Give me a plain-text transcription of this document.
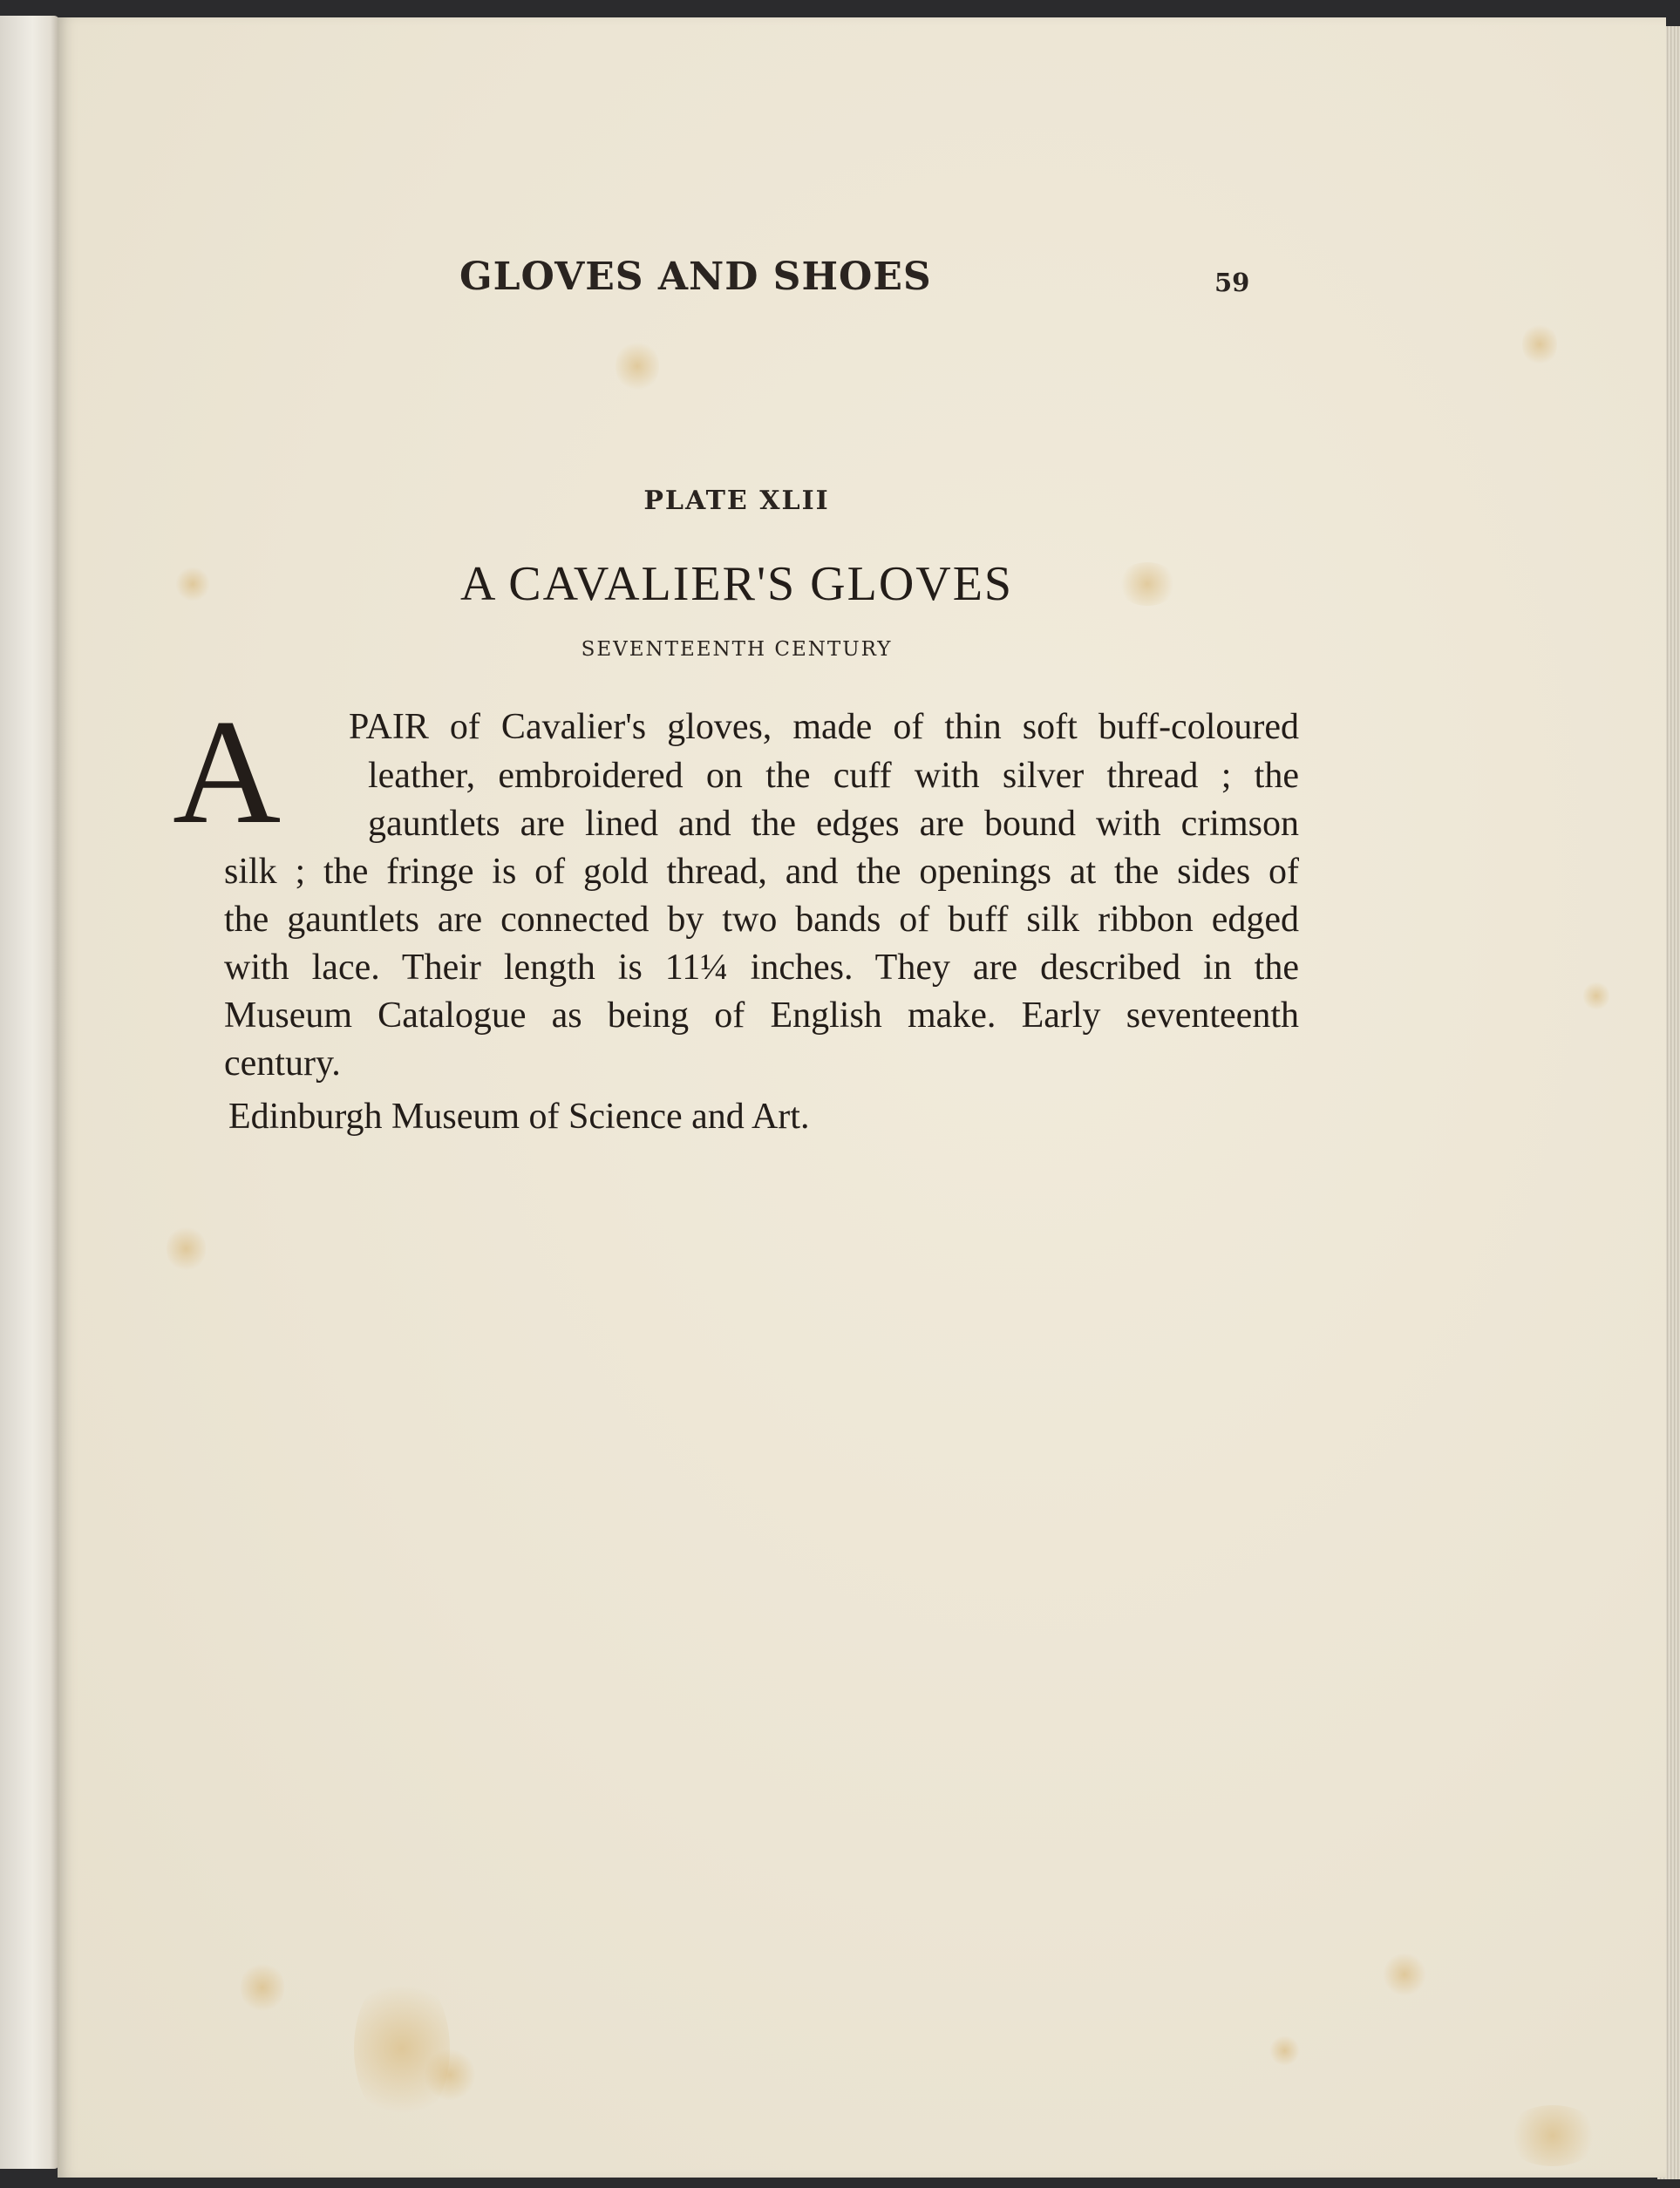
GLOVES AND SHOES	59
PLATE XLII
A CAVALIER'S GLOVES
SEVENTEENTH CENTURY
A PAIR of Cavalier's gloves, made of thin soft buff-coloured
leather, embroidered on the cuff with silver thread ; the
gauntlets are lined and the edges are bound with crimson
silk ; the fringe is of gold thread, and the openings at the sides of
the gauntlets are connected by two bands of buff silk ribbon edged
with lace. Their length is 11¼ inches. They are described in the
Museum Catalogue as being of English make. Early seventeenth
century.
Edinburgh Museum of Science and Art.
